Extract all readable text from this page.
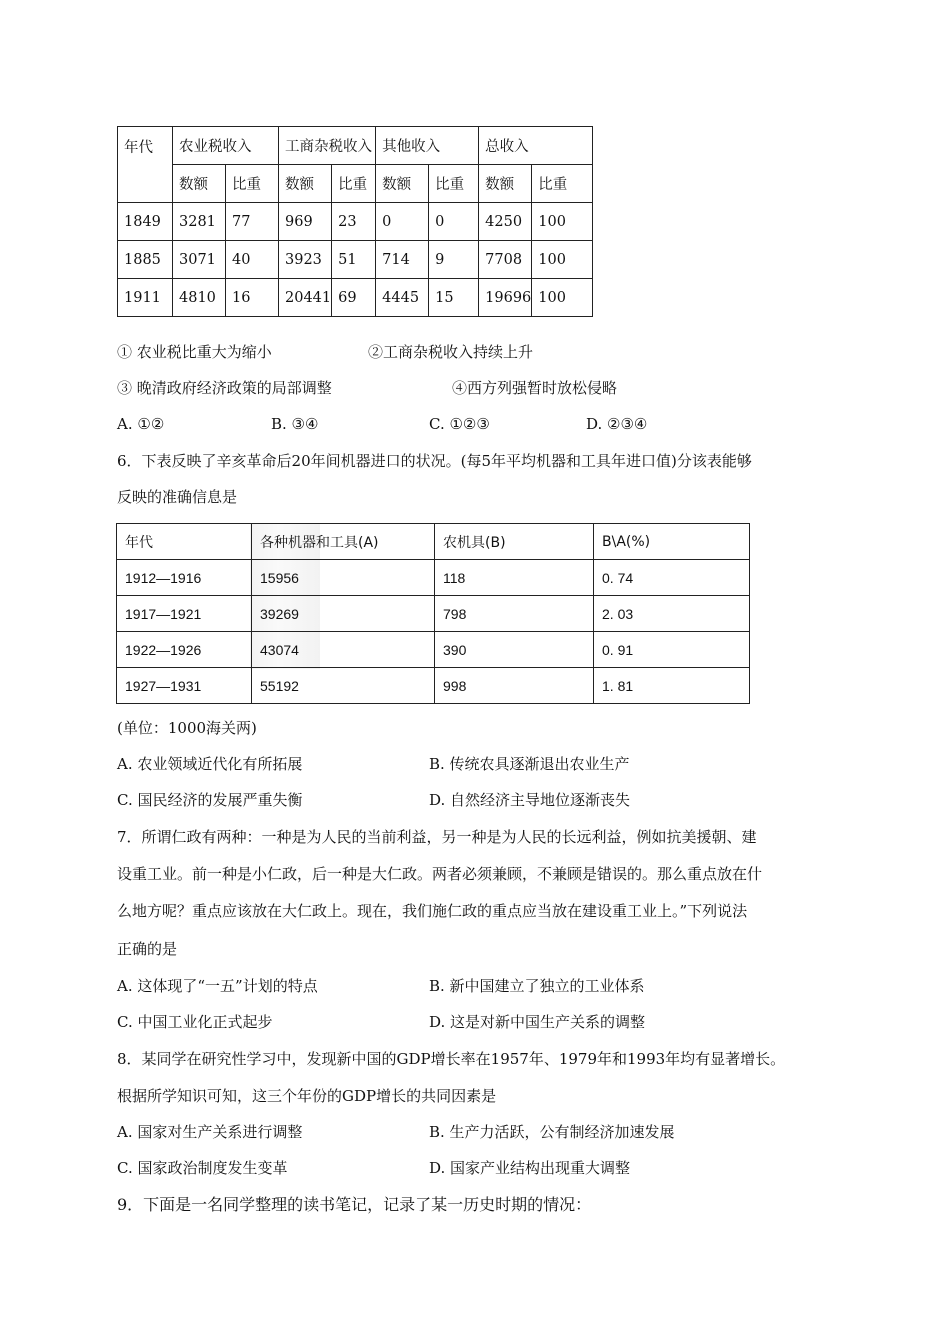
年代	农业税收入		工商杂税收入		其他收入		总收入	
	数额	比重	数额	比重	数额	比重	数额	比重
1849	3281	77	969	23	0	0	4250	100
1885	3071	40	3923	51	714	9	7708	100
1911	4810	16	20441	69	4445	15	19696	100
① 农业税比重大为缩小	②工商杂税收入持续上升
③ 晚清政府经济政策的局部调整	④西方列强暂时放松侵略
A. ①②	B. ③④	C. ①②③	D. ②③④
6．下表反映了辛亥革命后20年间机器进口的状况。(每5年平均机器和工具年进口值)分该表能够
反映的准确信息是
年代	各种机器和工具(A)	农机具(B)	B\A(%)
1912—1916	15956	118	0. 74
1917—1921	39269	798	2. 03
1922—1926	43074	390	0. 91
1927—1931	55192	998	1. 81
(单位：1000海关两)
A. 农业领域近代化有所拓展	B. 传统农具逐渐退出农业生产
C. 国民经济的发展严重失衡	D. 自然经济主导地位逐渐丧失
7．所谓仁政有两种：一种是为人民的当前利益，另一种是为人民的长远利益，例如抗美援朝、建
设重工业。前一种是小仁政，后一种是大仁政。两者必须兼顾，不兼顾是错误的。那么重点放在什
么地方呢？重点应该放在大仁政上。现在，我们施仁政的重点应当放在建设重工业上。”下列说法
正确的是
A. 这体现了“一五”计划的特点	B. 新中国建立了独立的工业体系
C. 中国工业化正式起步	D. 这是对新中国生产关系的调整
8．某同学在研究性学习中，发现新中国的GDP增长率在1957年、1979年和1993年均有显著增长。
根据所学知识可知，这三个年份的GDP增长的共同因素是
A. 国家对生产关系进行调整	B. 生产力活跃，公有制经济加速发展
C. 国家政治制度发生变革	D. 国家产业结构出现重大调整
9．下面是一名同学整理的读书笔记，记录了某一历史时期的情况：
